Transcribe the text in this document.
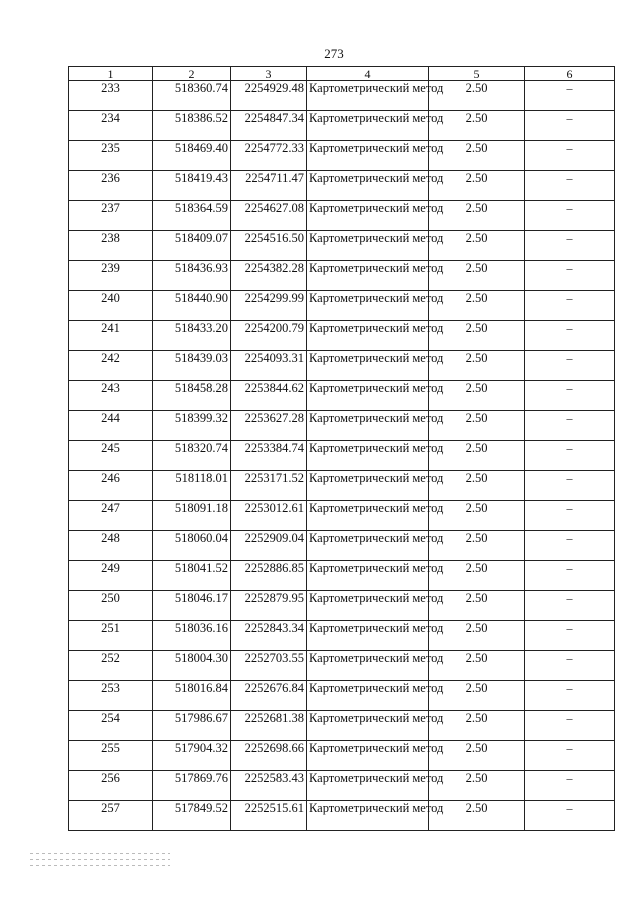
273
1	2	3	4	5	6
233	518360.74	2254929.48	Картометрический метод	2.50	–
234	518386.52	2254847.34	Картометрический метод	2.50	–
235	518469.40	2254772.33	Картометрический метод	2.50	–
236	518419.43	2254711.47	Картометрический метод	2.50	–
237	518364.59	2254627.08	Картометрический метод	2.50	–
238	518409.07	2254516.50	Картометрический метод	2.50	–
239	518436.93	2254382.28	Картометрический метод	2.50	–
240	518440.90	2254299.99	Картометрический метод	2.50	–
241	518433.20	2254200.79	Картометрический метод	2.50	–
242	518439.03	2254093.31	Картометрический метод	2.50	–
243	518458.28	2253844.62	Картометрический метод	2.50	–
244	518399.32	2253627.28	Картометрический метод	2.50	–
245	518320.74	2253384.74	Картометрический метод	2.50	–
246	518118.01	2253171.52	Картометрический метод	2.50	–
247	518091.18	2253012.61	Картометрический метод	2.50	–
248	518060.04	2252909.04	Картометрический метод	2.50	–
249	518041.52	2252886.85	Картометрический метод	2.50	–
250	518046.17	2252879.95	Картометрический метод	2.50	–
251	518036.16	2252843.34	Картометрический метод	2.50	–
252	518004.30	2252703.55	Картометрический метод	2.50	–
253	518016.84	2252676.84	Картометрический метод	2.50	–
254	517986.67	2252681.38	Картометрический метод	2.50	–
255	517904.32	2252698.66	Картометрический метод	2.50	–
256	517869.76	2252583.43	Картометрический метод	2.50	–
257	517849.52	2252515.61	Картометрический метод	2.50	–
